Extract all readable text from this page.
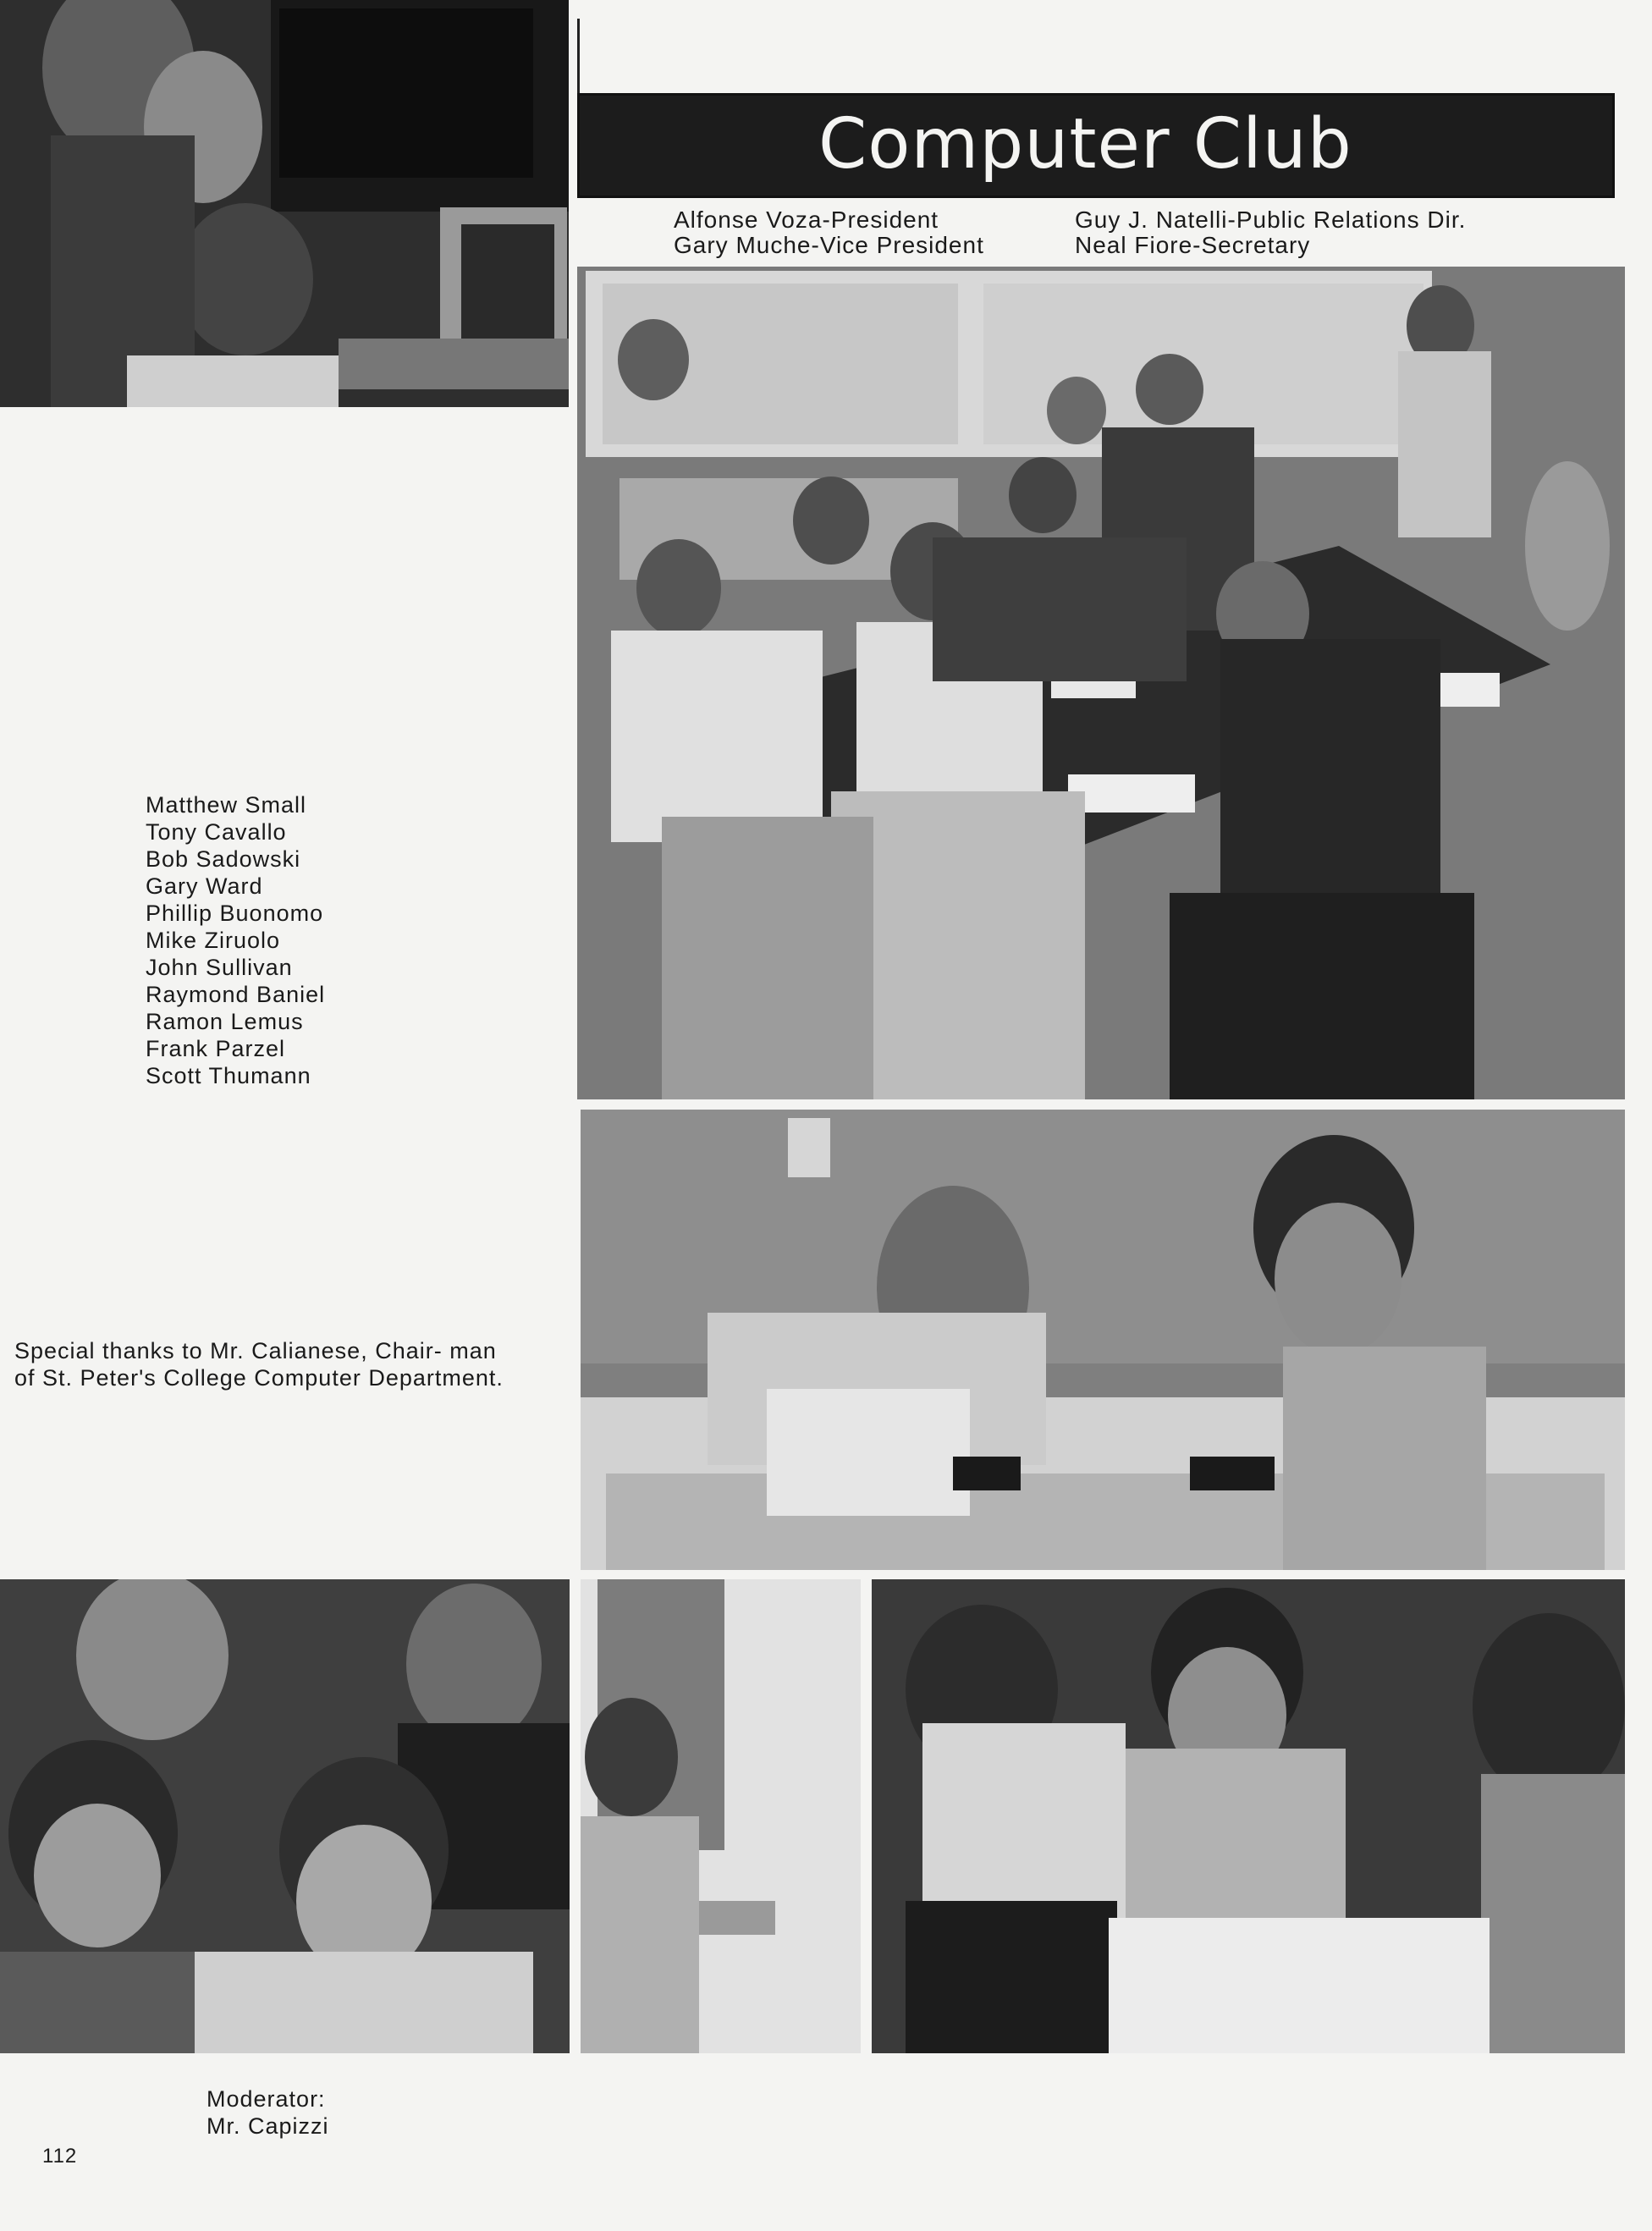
Computer Club
Alfonse Voza-President
Gary Muche-Vice President
Guy J. Natelli-Public Relations Dir.
Neal Fiore-Secretary
Matthew Small
Tony Cavallo
Bob Sadowski
Gary Ward
Phillip Buonomo
Mike Ziruolo
John Sullivan
Raymond Baniel
Ramon Lemus
Frank Parzel
Scott Thumann
Special thanks to Mr. Calianese, Chair- man of St. Peter's College Computer Department.
Moderator:
Mr. Capizzi
112
